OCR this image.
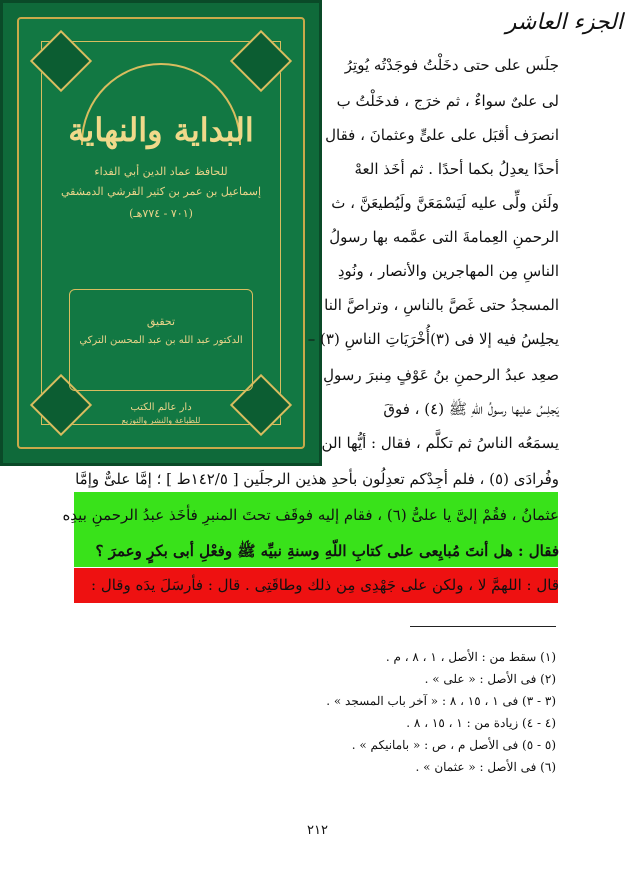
البداية والنهاية
للحافظ عماد الدين أبي الفداء
إسماعيل بن عمر بن كثير القرشي الدمشقي
(٧٠١ - ٧٧٤هـ)
تحقيق
الدكتور عبد الله بن عبد المحسن التركي
دار عالم الكتب
للطباعة والنشر والتوزيع
الجزء العاشر
جلَس على حتى دخَلْتُ فوجَدْتُه يُوتِرُ
لى علىٌ سواءٌ ، ثم خرَج ، فدخَلْتُ ب
انصرَف أقبَل على علىٍّ وعثمانَ ، فقال
أحدًا يعدِلُ بكما أحدًا . ثم أخَذ العهْ
ولَئن ولِّى عليه لَيَسْمَعَنَّ ولَيُطيعَنَّ ، ث
الرحمنِ العِمامةَ التى عمَّمه بها رسولُ
الناسِ مِن المهاجرين والأنصار ، ونُودِ
المسجدُ حتى غَصَّ بالناسِ ، وتراصَّ النا
يجلِسُ فيه إلا فى (٣)أُخْرَيَاتِ الناسِ (٣) –
صعِد عبدُ الرحمنِ بنُ عَوْفٍ مِنبرَ رسولِ
يَجلِسُ عليها رسولُ اللّهِ ﷺ (٤) ، فوقَ
يسمَعُه الناسُ ثم تكلَّم ، فقال : أيُّها الن
وفُرادَى (٥) ، فلم أجِدْكم تعدِلُون بأحدِ هذين الرجلَين [ ١٤٢/٥ط ] ؛ إمَّا علىٌّ وإمَّا
عثمانُ ، فقُمْ إلىَّ يا علىُّ (٦) ، فقام إليه فوقَف تحتَ المنبرِ فأخَذ عبدُ الرحمنِ بيدِه
فقال : هل أنتَ مُبايِعى على كتابِ اللّهِ وسنةِ نبيِّه ﷺ وفعْلِ أبى بكرٍ وعمرَ ؟
قال : اللهمَّ لا ، ولكن على جَهْدِى مِن ذلك وطاقَتِى . قال : فأرسَلَ يدَه وقال :
(١) سقط من : الأصل ، ١ ، ٨ ، م .
(٢) فى الأصل : « على » .
(٣ - ٣) فى ١ ، ١٥ ، ٨ : « آخر باب المسجد » .
(٤ - ٤) زيادة من : ١ ، ١٥ ، ٨ .
(٥ - ٥) فى الأصل م ، ص : « بامانيكم » .
(٦) فى الأصل : « عثمان » .
٢١٢
